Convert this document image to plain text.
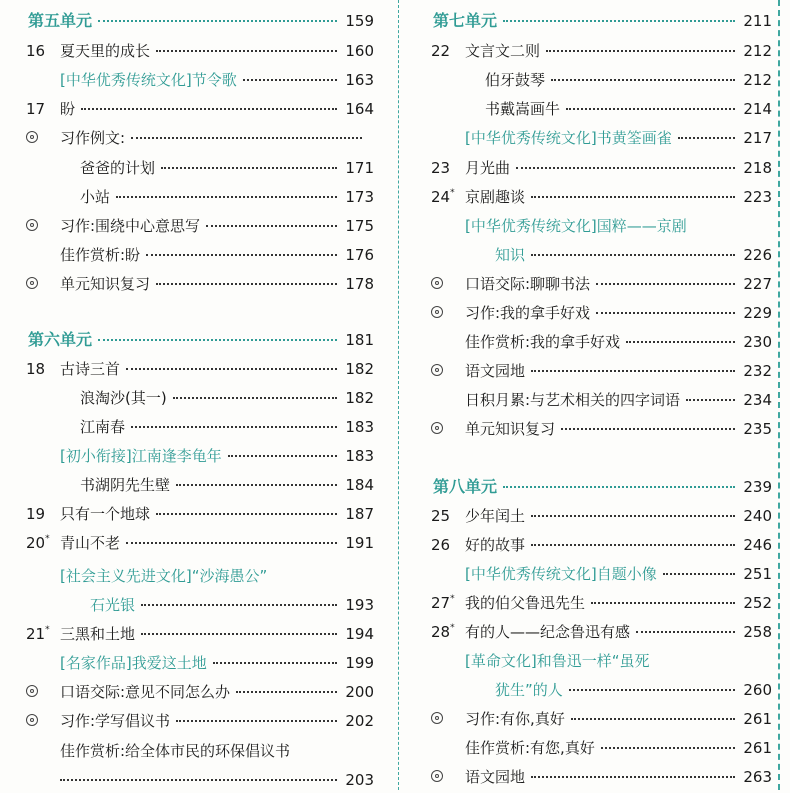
第五单元	159
16 夏天里的成长	160
[中华优秀传统文化]节令歌	163
17 盼	164
习作例文:
爸爸的计划	171
小站	173
习作:围绕中心意思写	175
佳作赏析:盼	176
单元知识复习	178
第六单元	181
18 古诗三首	182
浪淘沙(其一)	182
江南春	183
[初小衔接]江南逢李龟年	183
书湖阴先生壁	184
19 只有一个地球	187
20* 青山不老	191
[社会主义先进文化]“沙海愚公”
石光银	193
21* 三黑和土地	194
[名家作品]我爱这土地	199
口语交际:意见不同怎么办	200
习作:学写倡议书	202
佳作赏析:给全体市民的环保倡议书
203
第七单元	211
22 文言文二则	212
伯牙鼓琴	212
书戴嵩画牛	214
[中华优秀传统文化]书黄筌画雀	217
23 月光曲	218
24* 京剧趣谈	223
[中华优秀传统文化]国粹——京剧
知识	226
口语交际:聊聊书法	227
习作:我的拿手好戏	229
佳作赏析:我的拿手好戏	230
语文园地	232
日积月累:与艺术相关的四字词语	234
单元知识复习	235
第八单元	239
25 少年闰土	240
26 好的故事	246
[中华优秀传统文化]自题小像	251
27* 我的伯父鲁迅先生	252
28* 有的人——纪念鲁迅有感	258
[革命文化]和鲁迅一样“虽死
犹生”的人	260
习作:有你,真好	261
佳作赏析:有您,真好	261
语文园地	263
